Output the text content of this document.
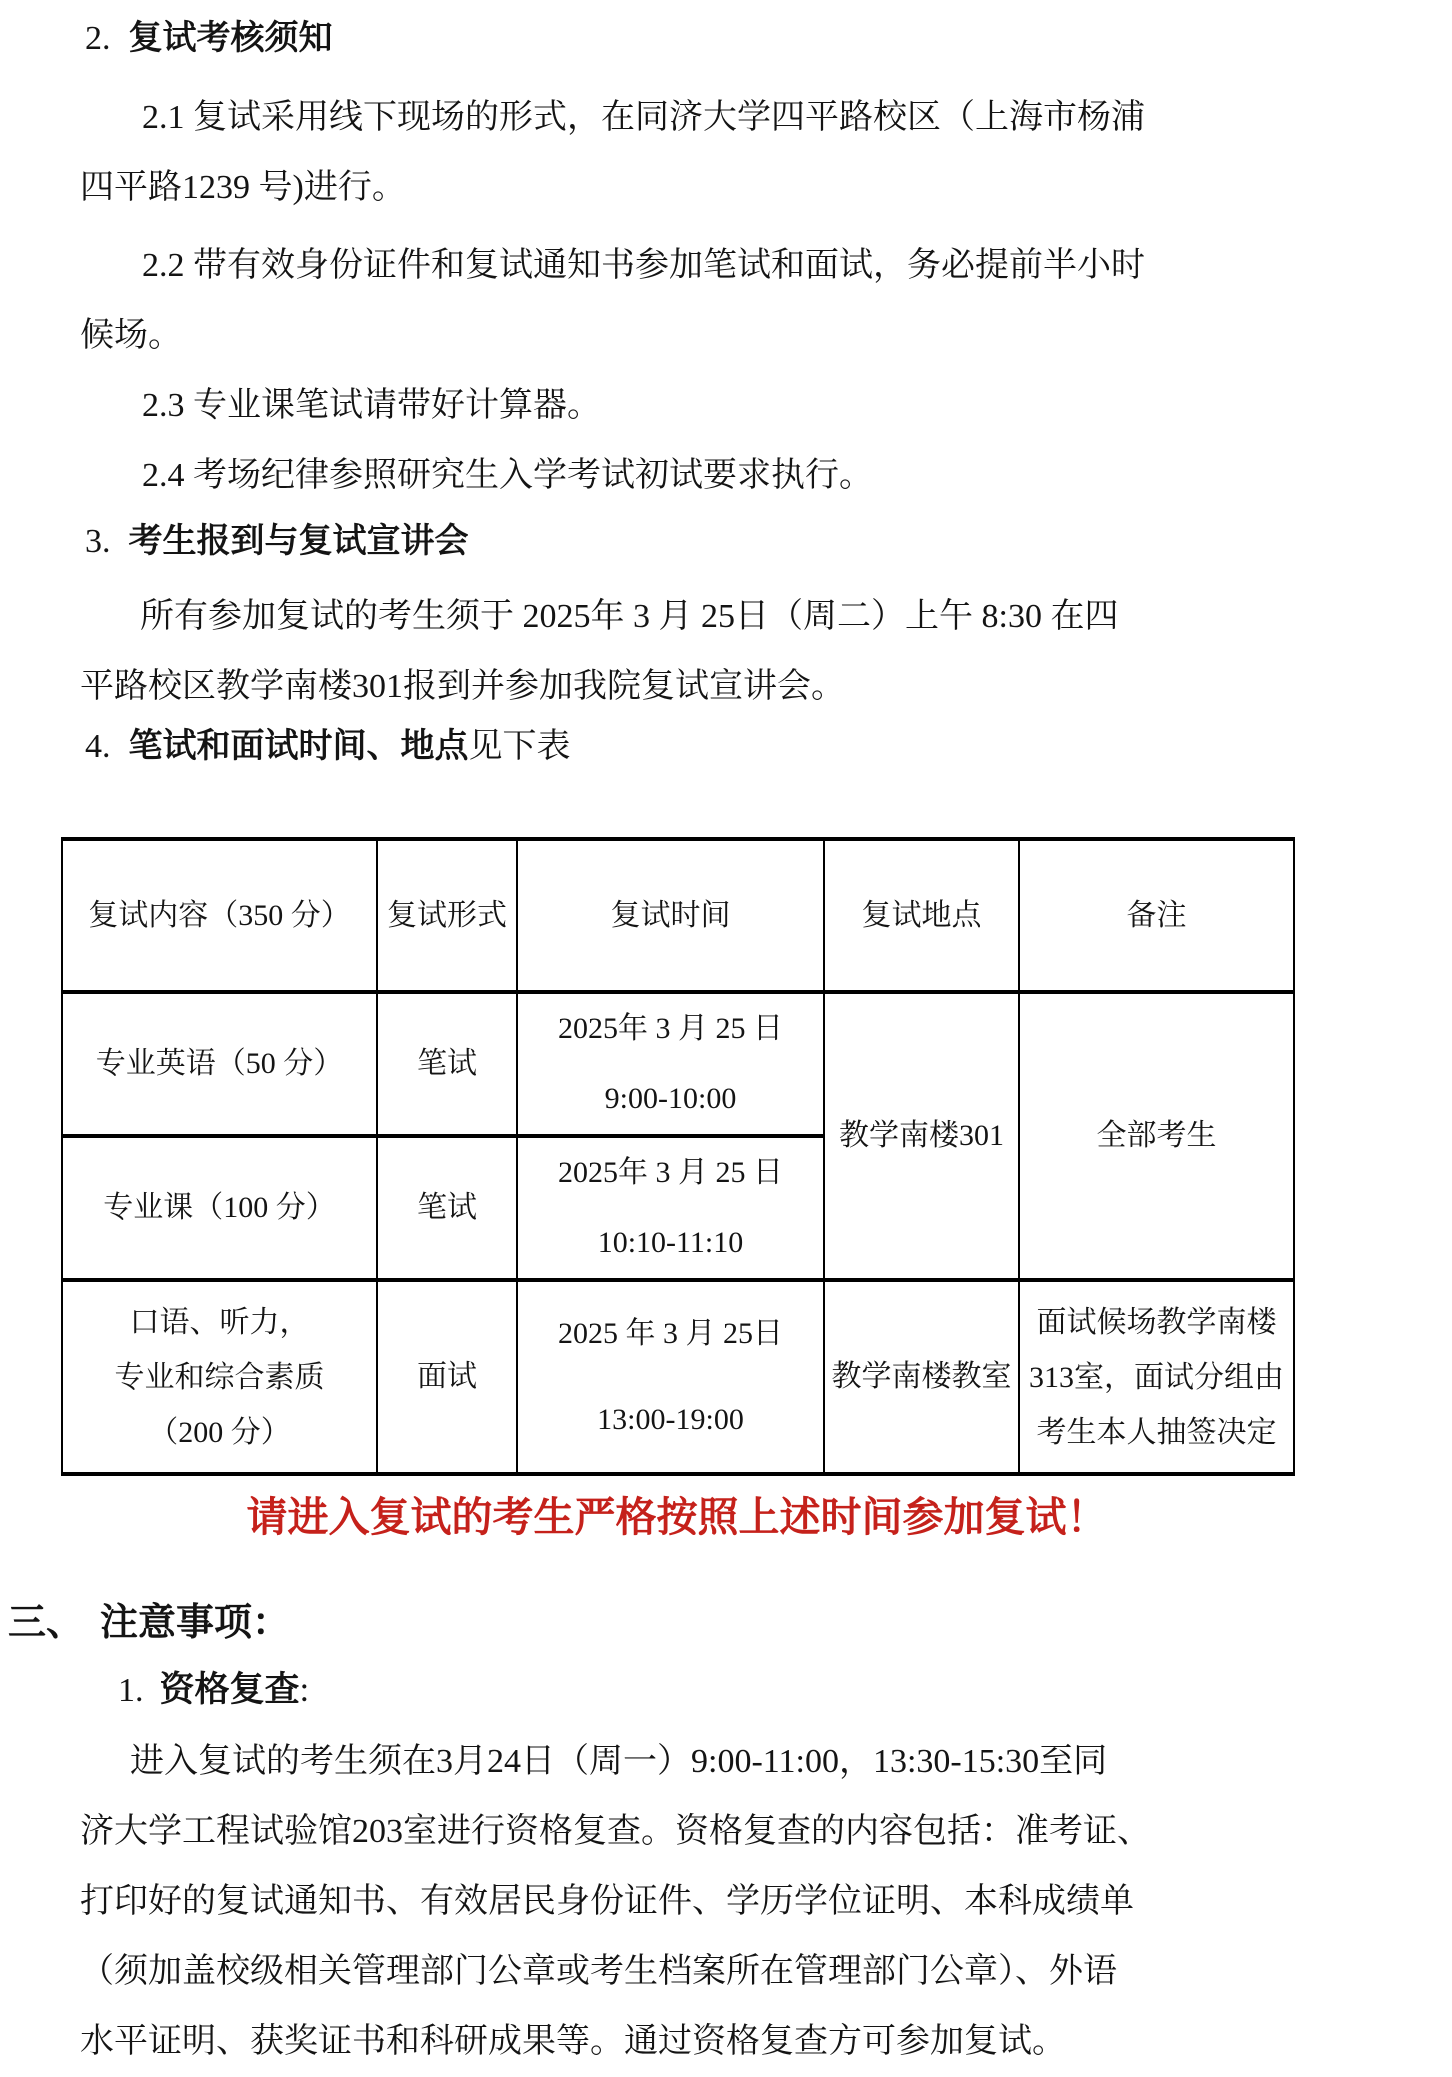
2. 复试考核须知
2.1 复试采用线下现场的形式，在同济大学四平路校区（上海市杨浦
四平路1239 号)进行。
2.2 带有效身份证件和复试通知书参加笔试和面试，务必提前半小时
候场。
2.3 专业课笔试请带好计算器。
2.4 考场纪律参照研究生入学考试初试要求执行。
3. 考生报到与复试宣讲会
所有参加复试的考生须于 2025年 3 月 25日（周二）上午 8:30 在四
平路校区教学南楼301报到并参加我院复试宣讲会。
4. 笔试和面试时间、地点见下表
复试内容（350 分）	复试形式	复试时间	复试地点	备注
专业英语（50 分）	笔试	2025年 3 月 25 日
9:00-10:00	教学南楼301	全部考生
专业课（100 分）	笔试	2025年 3 月 25 日
10:10-11:10		

口语、听力，
专业和综合素质
（200 分）
	面试	
2025 年 3 月 25日
13:00-19:00
	教学南楼教室	
面试候场教学南楼
313室，面试分组由
考生本人抽签决定
请进入复试的考生严格按照上述时间参加复试！
三、 注意事项：
1. 资格复查:
进入复试的考生须在3月24日（周一）9:00-11:00，13:30-15:30至同
济大学工程试验馆203室进行资格复查。资格复查的内容包括：准考证、
打印好的复试通知书、有效居民身份证件、学历学位证明、本科成绩单
（须加盖校级相关管理部门公章或考生档案所在管理部门公章）、外语
水平证明、获奖证书和科研成果等。通过资格复查方可参加复试。
